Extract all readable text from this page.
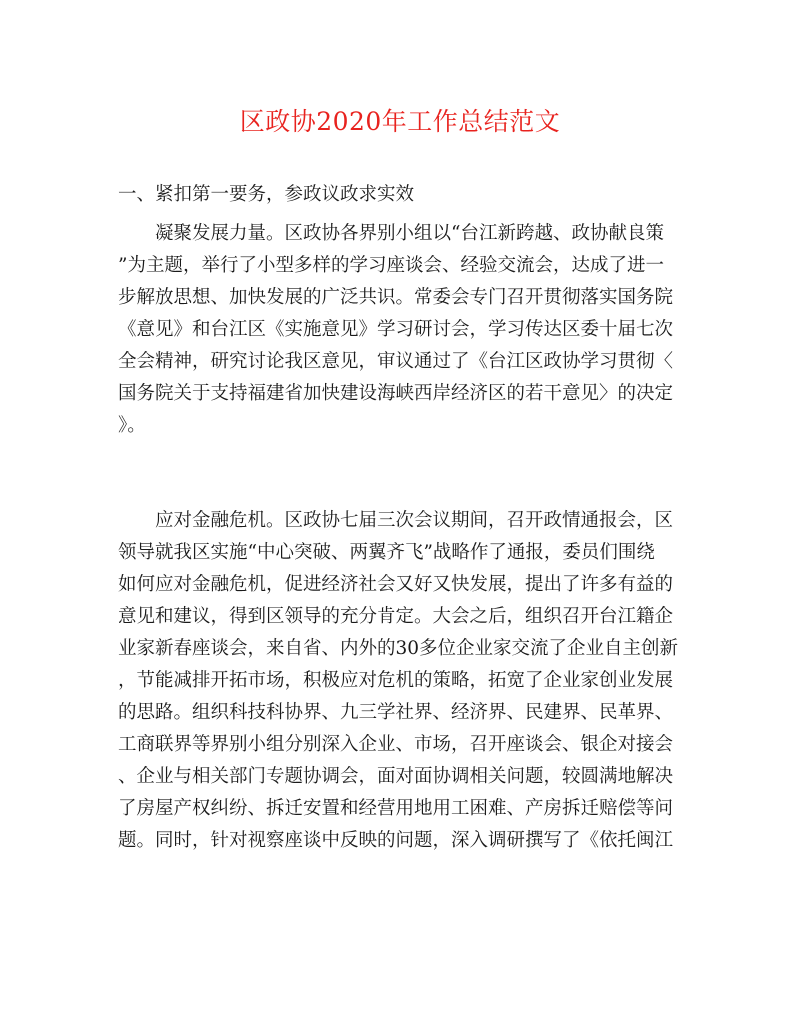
区政协2020年工作总结范文
一、紧扣第一要务，参政议政求实效
凝聚发展力量。区政协各界别小组以“台江新跨越、政协献良策
”为主题，举行了小型多样的学习座谈会、经验交流会，达成了进一
步解放思想、加快发展的广泛共识。常委会专门召开贯彻落实国务院
《意见》和台江区《实施意见》学习研讨会，学习传达区委十届七次
全会精神，研究讨论我区意见，审议通过了《台江区政协学习贯彻〈
国务院关于支持福建省加快建设海峡西岸经济区的若干意见〉的决定
》。
应对金融危机。区政协七届三次会议期间，召开政情通报会，区
领导就我区实施“中心突破、两翼齐飞”战略作了通报，委员们围绕
如何应对金融危机，促进经济社会又好又快发展，提出了许多有益的
意见和建议，得到区领导的充分肯定。大会之后，组织召开台江籍企
业家新春座谈会，来自省、内外的30多位企业家交流了企业自主创新
，节能减排开拓市场，积极应对危机的策略，拓宽了企业家创业发展
的思路。组织科技科协界、九三学社界、经济界、民建界、民革界、
工商联界等界别小组分别深入企业、市场，召开座谈会、银企对接会
、企业与相关部门专题协调会，面对面协调相关问题，较圆满地解决
了房屋产权纠纷、拆迁安置和经营用地用工困难、产房拆迁赔偿等问
题。同时，针对视察座谈中反映的问题，深入调研撰写了《依托闽江
